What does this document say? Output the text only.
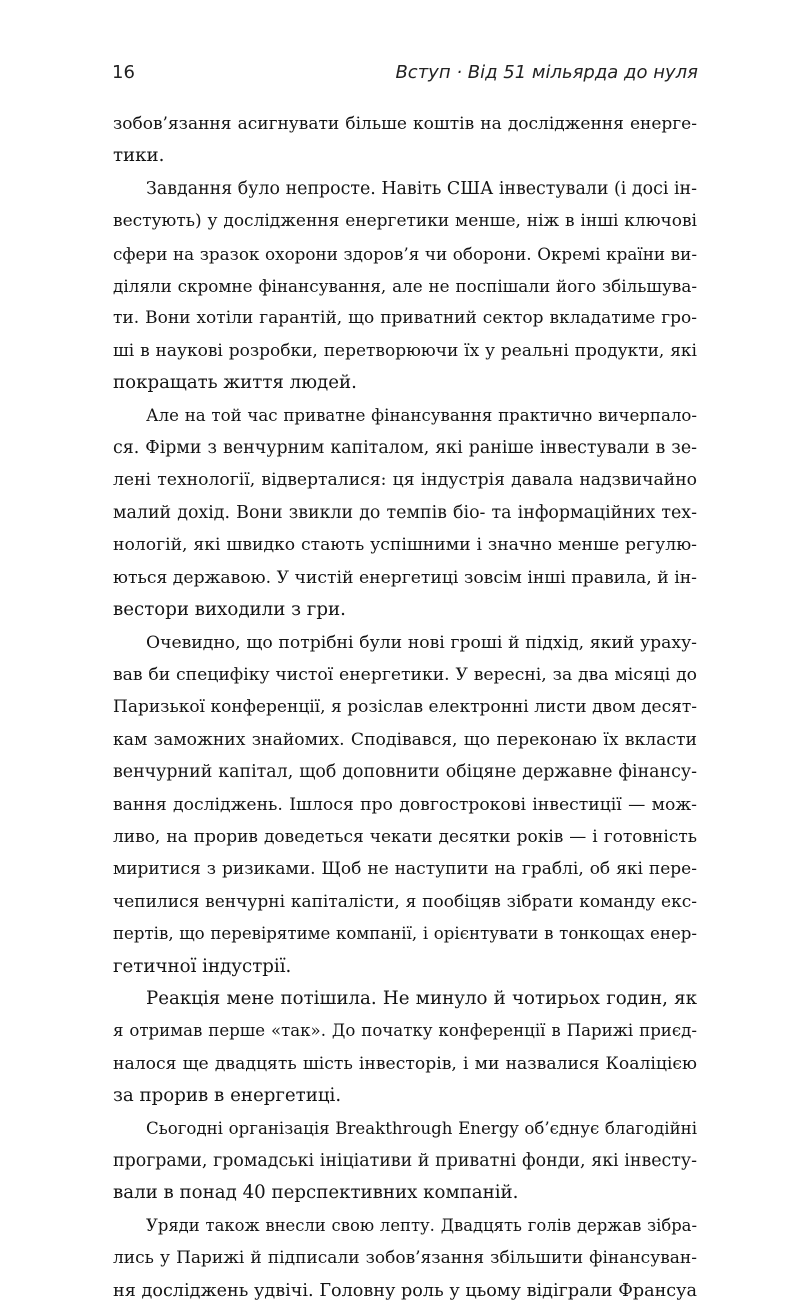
16	Вступ · Від 51 мільярда до нуля

зобов’язання асигнувати більше коштів на дослідження енерге-
тики.

Завдання було непросте. Навіть США інвестували (і досі ін-
вестують) у дослідження енергетики менше, ніж в інші ключові
сфери на зразок охорони здоров’я чи оборони. Окремі країни ви-
діляли скромне фінансування, але не поспішали його збільшува-
ти. Вони хотіли гарантій, що приватний сектор вкладатиме гро-
ші в наукові розробки, перетворюючи їх у реальні продукти, які
покращать життя людей.

Але на той час приватне фінансування практично вичерпало-
ся. Фірми з венчурним капіталом, які раніше інвестували в зе-
лені технології, відверталися: ця індустрія давала надзвичайно
малий дохід. Вони звикли до темпів біо- та інформаційних тех-
нологій, які швидко стають успішними і значно менше регулю-
ються державою. У чистій енергетиці зовсім інші правила, й ін-
вестори виходили з гри.

Очевидно, що потрібні були нові гроші й підхід, який ураху-
вав би специфіку чистої енергетики. У вересні, за два місяці до
Паризької конференції, я розіслав електронні листи двом десят-
кам заможних знайомих. Сподівався, що переконаю їх вкласти
венчурний капітал, щоб доповнити обіцяне державне фінансу-
вання досліджень. Ішлося про довгострокові інвестиції — мож-
ливо, на прорив доведеться чекати десятки років — і готовність
миритися з ризиками. Щоб не наступити на граблі, об які пере-
чепилися венчурні капіталісти, я пообіцяв зібрати команду екс-
пертів, що перевірятиме компанії, і орієнтувати в тонкощах енер-
гетичної індустрії.

Реакція мене потішила. Не минуло й чотирьох годин, як
я отримав перше «так». До початку конференції в Парижі приєд-
налося ще двадцять шість інвесторів, і ми назвалися Коаліцією
за прорив в енергетиці.

Сьогодні організація Breakthrough Energy об’єднує благодійні
програми, громадські ініціативи й приватні фонди, які інвесту-
вали в понад 40 перспективних компаній.

Уряди також внесли свою лепту. Двадцять голів держав зібра-
лись у Парижі й підписали зобов’язання збільшити фінансуван-
ня досліджень удвічі. Головну роль у цьому відіграли Франсуа
